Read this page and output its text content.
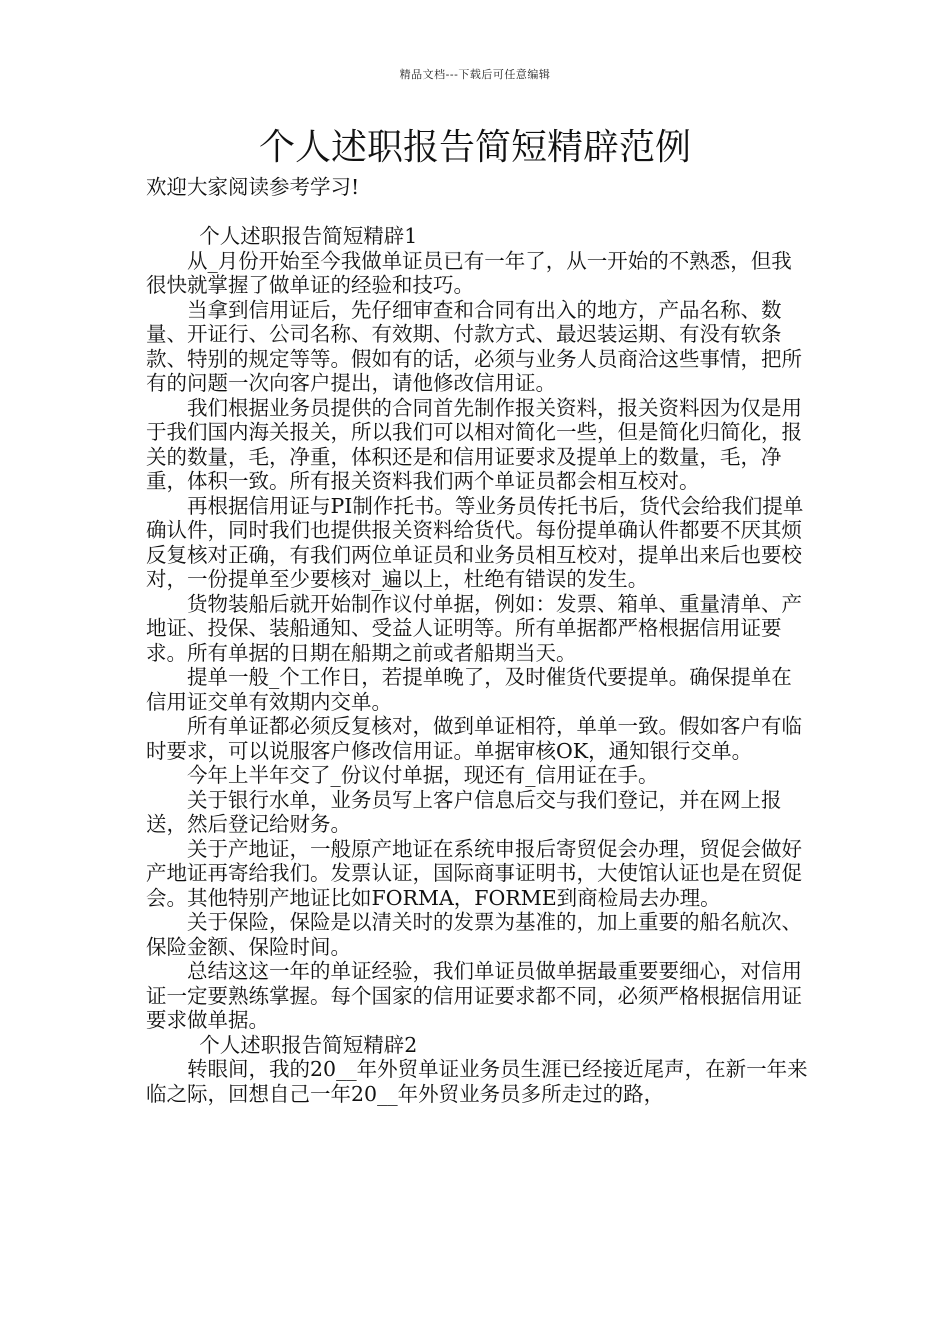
精品文档---下载后可任意编辑
个人述职报告简短精辟范例

欢迎大家阅读参考学习!

个人述职报告简短精辟1

从_月份开始至今我做单证员已有一年了，从一开始的不熟悉，但我很快就掌握了做单证的经验和技巧。

当拿到信用证后，先仔细审查和合同有出入的地方，产品名称、数量、开证行、公司名称、有效期、付款方式、最迟装运期、有没有软条款、特别的规定等等。假如有的话，必须与业务人员商洽这些事情，把所有的问题一次向客户提出，请他修改信用证。

我们根据业务员提供的合同首先制作报关资料，报关资料因为仅是用于我们国内海关报关，所以我们可以相对简化一些，但是简化归简化，报关的数量，毛，净重，体积还是和信用证要求及提单上的数量，毛，净重，体积一致。所有报关资料我们两个单证员都会相互校对。

再根据信用证与PI制作托书。等业务员传托书后，货代会给我们提单确认件，同时我们也提供报关资料给货代。每份提单确认件都要不厌其烦反复核对正确，有我们两位单证员和业务员相互校对，提单出来后也要校对，一份提单至少要核对_遍以上，杜绝有错误的发生。

货物装船后就开始制作议付单据，例如：发票、箱单、重量清单、产地证、投保、装船通知、受益人证明等。所有单据都严格根据信用证要求。所有单据的日期在船期之前或者船期当天。

提单一般_个工作日，若提单晚了，及时催货代要提单。确保提单在信用证交单有效期内交单。

所有单证都必须反复核对，做到单证相符，单单一致。假如客户有临时要求，可以说服客户修改信用证。单据审核OK，通知银行交单。

今年上半年交了_份议付单据，现还有_信用证在手。

关于银行水单，业务员写上客户信息后交与我们登记，并在网上报送，然后登记给财务。

关于产地证，一般原产地证在系统申报后寄贸促会办理，贸促会做好产地证再寄给我们。发票认证，国际商事证明书，大使馆认证也是在贸促会。其他特别产地证比如FORMA，FORME到商检局去办理。

关于保险，保险是以清关时的发票为基准的，加上重要的船名航次、保险金额、保险时间。

总结这这一年的单证经验，我们单证员做单据最重要要细心，对信用证一定要熟练掌握。每个国家的信用证要求都不同，必须严格根据信用证要求做单据。

个人述职报告简短精辟2

转眼间，我的20__年外贸单证业务员生涯已经接近尾声，在新一年来临之际，回想自己一年20__年外贸业务员多所走过的路，
